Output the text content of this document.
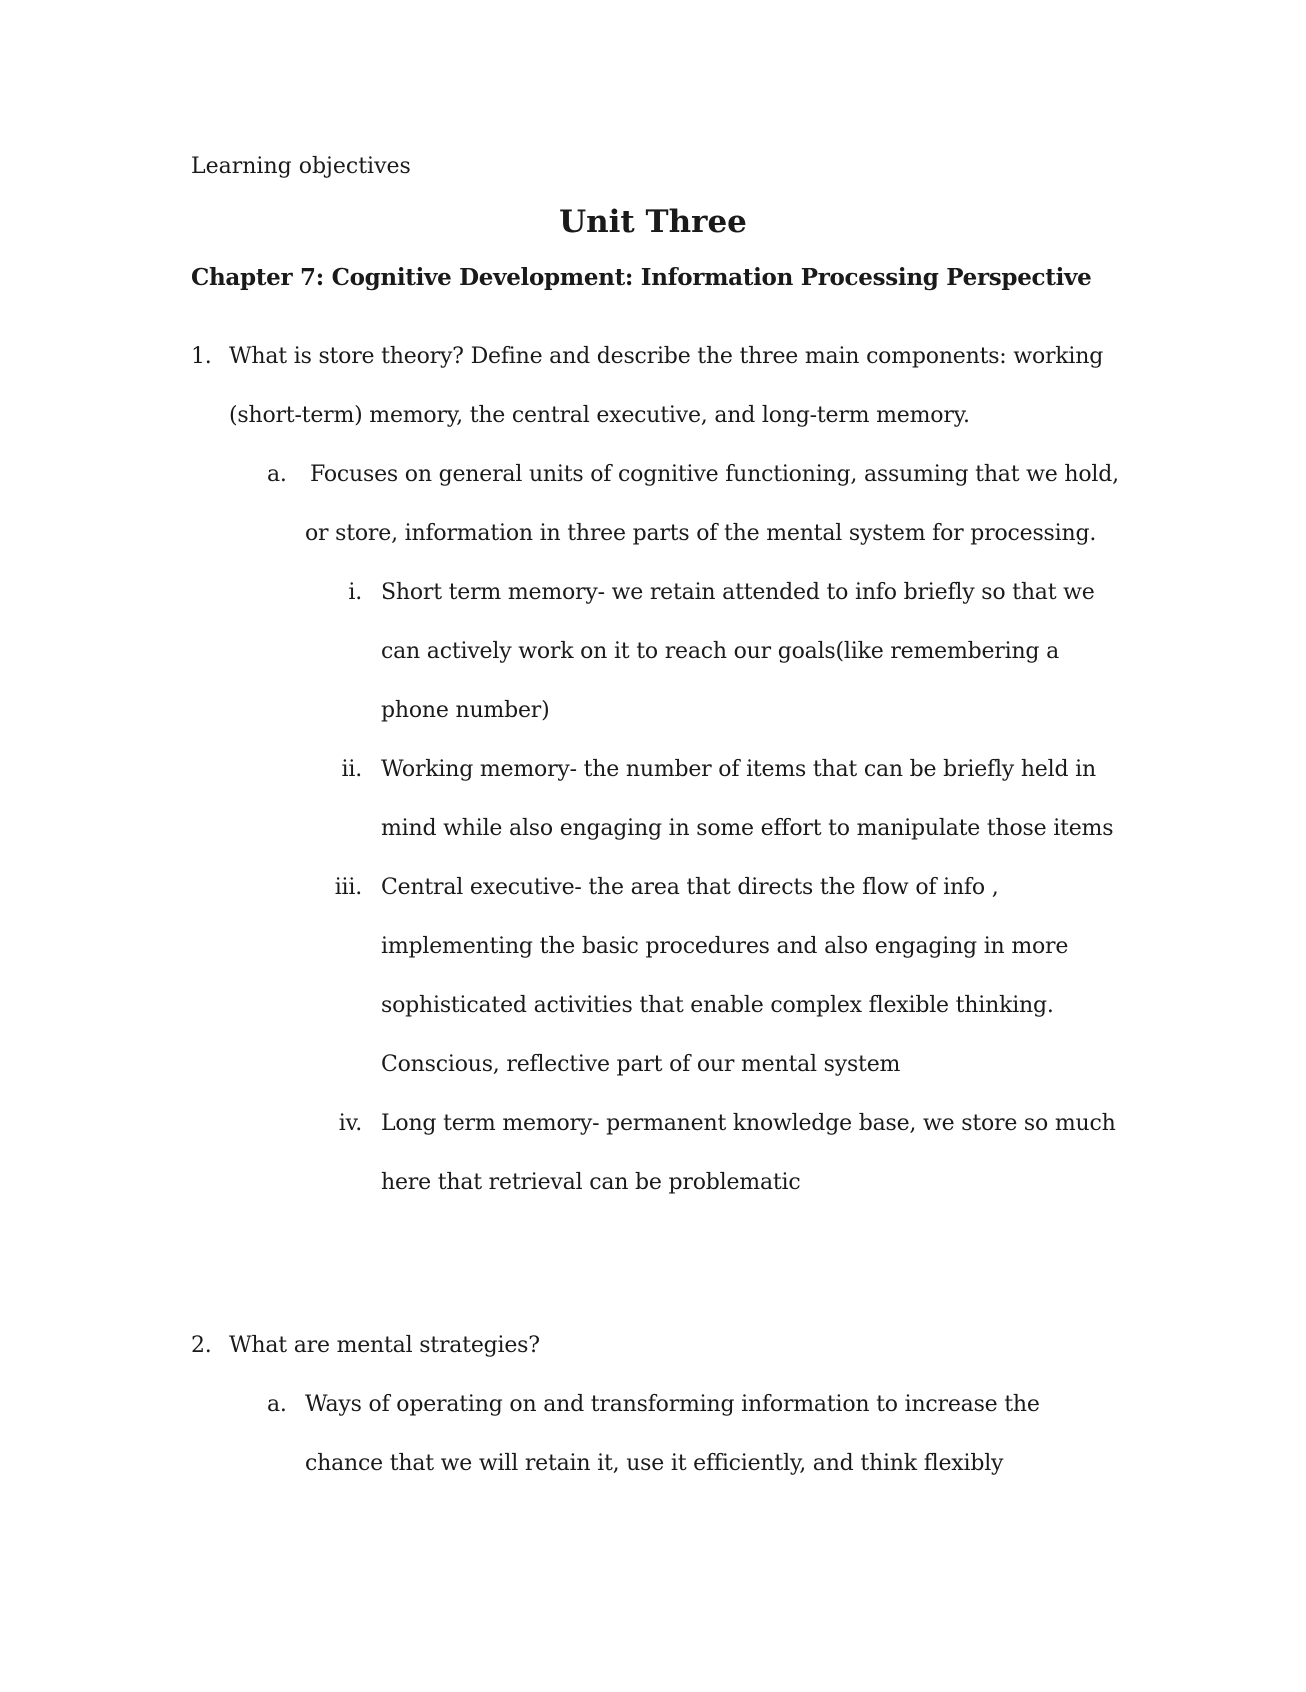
Learning objectives
Unit Three
Chapter 7: Cognitive Development: Information Processing Perspective
1. What is store theory? Define and describe the three main components: working
(short-term) memory, the central executive, and long-term memory.
a. Focuses on general units of cognitive functioning, assuming that we hold,
or store, information in three parts of the mental system for processing.
i. Short term memory- we retain attended to info briefly so that we
can actively work on it to reach our goals(like remembering a
phone number)
ii. Working memory- the number of items that can be briefly held in
mind while also engaging in some effort to manipulate those items
iii. Central executive- the area that directs the flow of info ,
implementing the basic procedures and also engaging in more
sophisticated activities that enable complex flexible thinking.
Conscious, reflective part of our mental system
iv. Long term memory- permanent knowledge base, we store so much
here that retrieval can be problematic
2. What are mental strategies?
a. Ways of operating on and transforming information to increase the
chance that we will retain it, use it efficiently, and think flexibly
